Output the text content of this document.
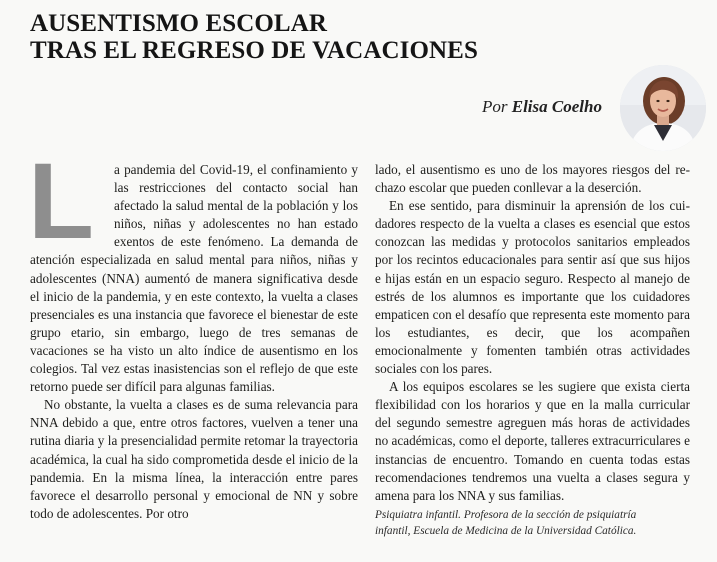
AUSENTISMO ESCOLAR
TRAS EL REGRESO DE VACACIONES
Por Elisa Coelho
L	a pandemia del Covid-19, el confinamiento y las restricciones del contacto social han afectado la salud mental de la población y los niños, niñas y adolescentes no han estado exentos de este fenómeno. La demanda de atención especializada en salud mental para niños, niñas y adolescentes (NNA) aumentó de manera significativa desde el inicio de la pandemia, y en este contexto, la vuelta a clases presenciales es una instancia que favorece el bienestar de este grupo etario, sin embargo, luego de tres semanas de vacaciones se ha visto un alto índice de ausentismo en los colegios. Tal vez estas inasistencias son el reflejo de que este retorno puede ser difícil para algunas familias.

No obstante, la vuelta a clases es de suma relevancia para NNA debido a que, entre otros factores, vuelven a tener una rutina diaria y la presencialidad permite retomar la trayectoria académica, la cual ha sido comprometida desde el inicio de la pandemia. En la misma línea, la interacción entre pares favorece el desarrollo personal y emocional de NN y sobre todo de adolescentes. Por otro

lado, el ausentismo es uno de los mayores riesgos del rechazo escolar que pueden conllevar a la deserción.

En ese sentido, para disminuir la aprensión de los cuidadores respecto de la vuelta a clases es esencial que estos conozcan las medidas y protocolos sanitarios empleados por los recintos educacionales para sentir así que sus hijos e hijas están en un espacio seguro. Respecto al manejo de estrés de los alumnos es importante que los cuidadores empaticen con el desafío que representa este momento para los estudiantes, es decir, que los acompañen emocionalmente y fomenten también otras actividades sociales con los pares.

A los equipos escolares se les sugiere que exista cierta flexibilidad con los horarios y que en la malla curricular del segundo semestre agreguen más horas de actividades no académicas, como el deporte, talleres extracurriculares e instancias de encuentro. Tomando en cuenta todas estas recomendaciones tendremos una vuelta a clases segura y amena para los NNA y sus familias.

Psiquiatra infantil. Profesora de la sección de psiquiatría
infantil, Escuela de Medicina de la Universidad Católica.
